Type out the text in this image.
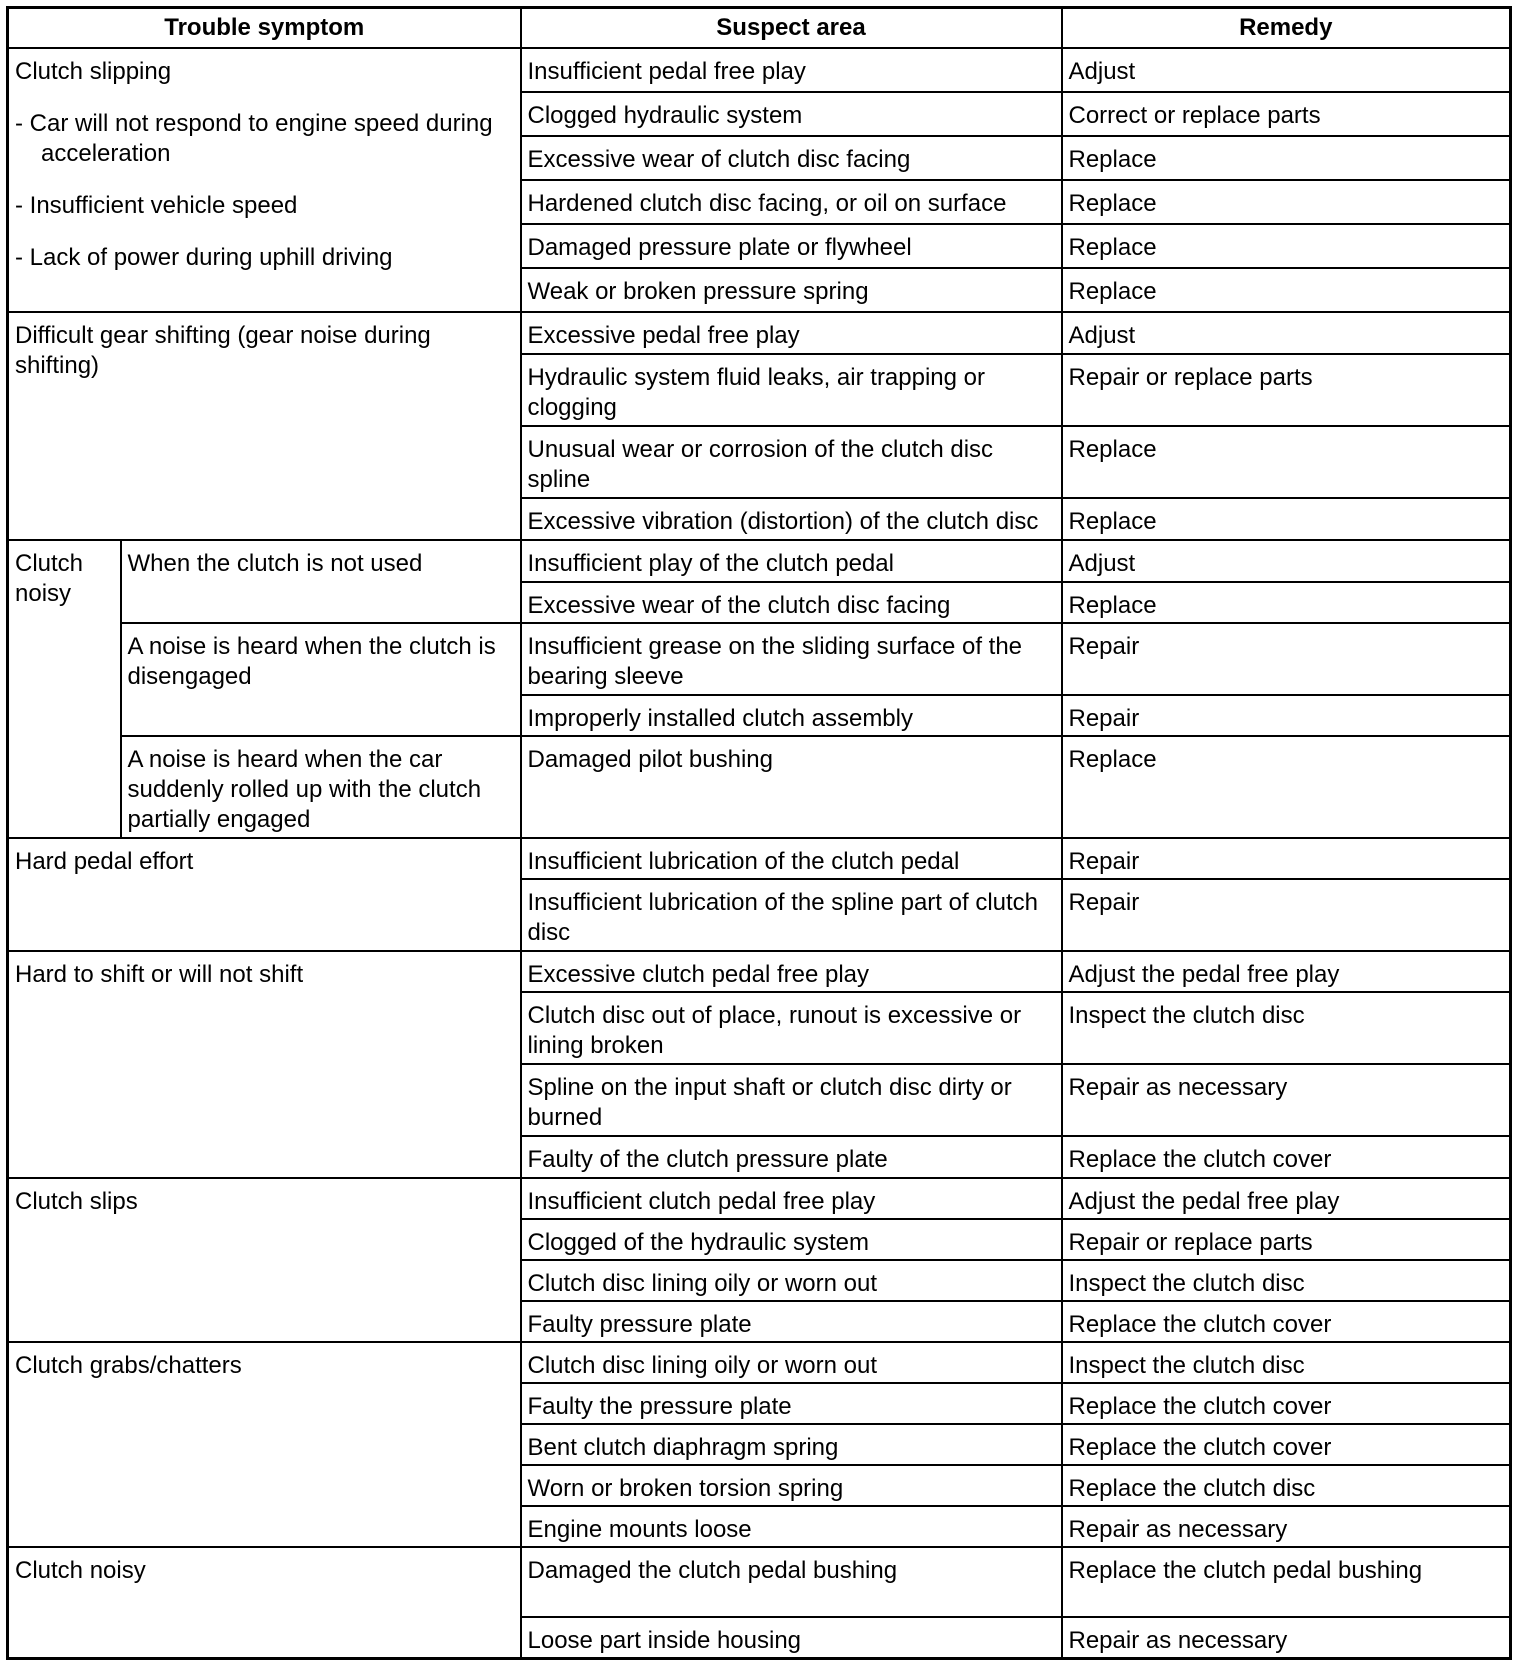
Trouble symptom		Suspect area	Remedy

Clutch slipping
- Car will not respond to engine speed during acceleration
- Insufficient vehicle speed
- Lack of power during uphill driving		Insufficient pedal free play	Adjust
		Clogged hydraulic system	Correct or replace parts
		Excessive wear of clutch disc facing	Replace
		Hardened clutch disc facing, or oil on surface	Replace
		Damaged pressure plate or flywheel	Replace
		Weak or broken pressure spring	Replace
Difficult gear shifting (gear noise during shifting)		Excessive pedal free play	Adjust
		Hydraulic system fluid leaks, air trapping or clogging	Repair or replace parts
		Unusual wear or corrosion of the clutch disc spline	Replace
		Excessive vibration (distortion) of the clutch disc	Replace
Clutch noisy	When the clutch is not used	Insufficient play of the clutch pedal	Adjust
		Excessive wear of the clutch disc facing	Replace
	A noise is heard when the clutch is disengaged	Insufficient grease on the sliding surface of the bearing sleeve	Repair
		Improperly installed clutch assembly	Repair
	A noise is heard when the car suddenly rolled up with the clutch partially engaged	Damaged pilot bushing	Replace
Hard pedal effort		Insufficient lubrication of the clutch pedal	Repair
		Insufficient lubrication of the spline part of clutch disc	Repair
Hard to shift or will not shift		Excessive clutch pedal free play	Adjust the pedal free play
		Clutch disc out of place, runout is excessive or lining broken	Inspect the clutch disc
		Spline on the input shaft or clutch disc dirty or burned	Repair as necessary
		Faulty of the clutch pressure plate	Replace the clutch cover
Clutch slips		Insufficient clutch pedal free play	Adjust the pedal free play
		Clogged of the hydraulic system	Repair or replace parts
		Clutch disc lining oily or worn out	Inspect the clutch disc
		Faulty pressure plate	Replace the clutch cover
Clutch grabs/chatters		Clutch disc lining oily or worn out	Inspect the clutch disc
		Faulty the pressure plate	Replace the clutch cover
		Bent clutch diaphragm spring	Replace the clutch cover
		Worn or broken torsion spring	Replace the clutch disc
		Engine mounts loose	Repair as necessary
Clutch noisy		Damaged the clutch pedal bushing	Replace the clutch pedal bushing
		Loose part inside housing	Repair as necessary
